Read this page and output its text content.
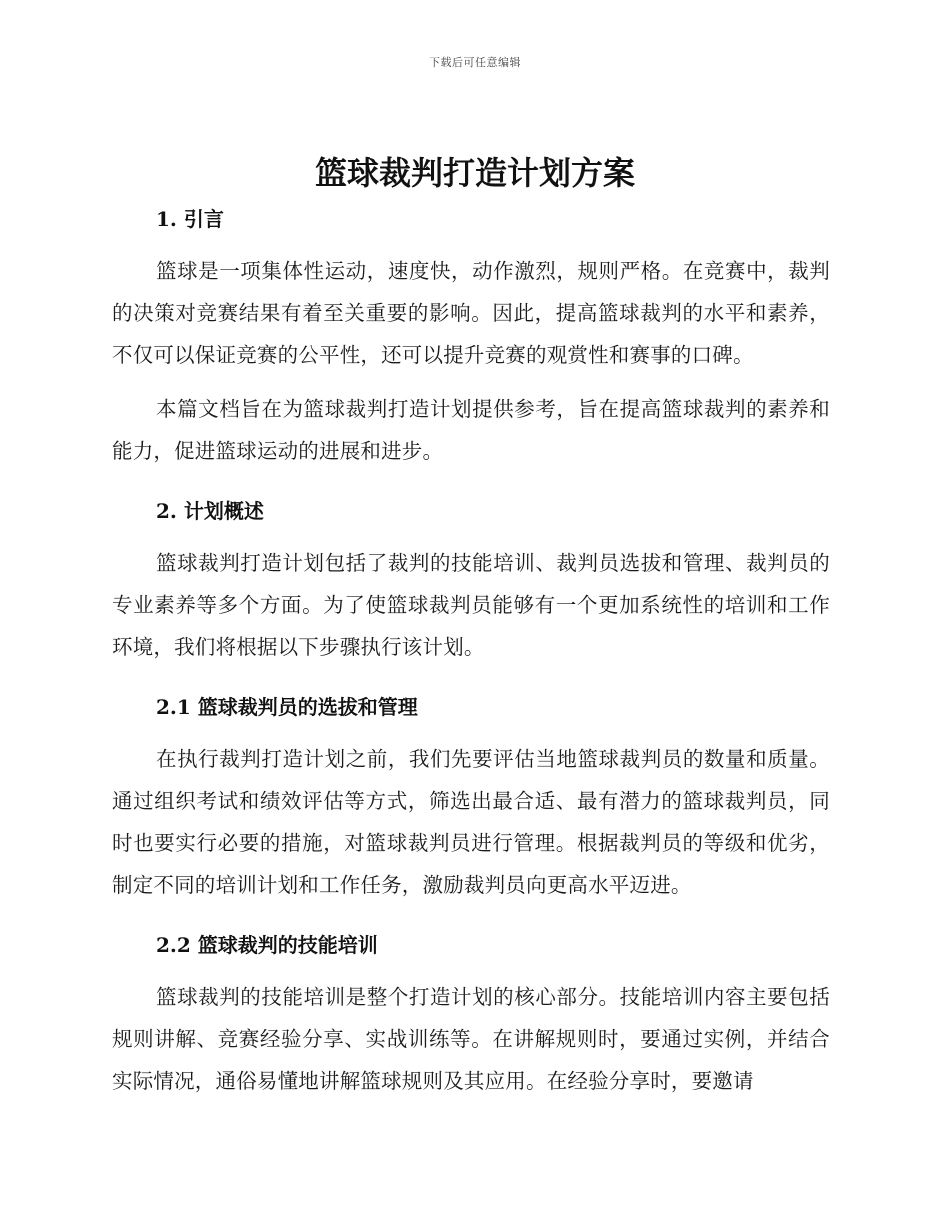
下载后可任意编辑
篮球裁判打造计划方案
1. 引言

篮球是一项集体性运动，速度快，动作激烈，规则严格。在竞赛中，裁判的决策对竞赛结果有着至关重要的影响。因此，提高篮球裁判的水平和素养，不仅可以保证竞赛的公平性，还可以提升竞赛的观赏性和赛事的口碑。

本篇文档旨在为篮球裁判打造计划提供参考，旨在提高篮球裁判的素养和能力，促进篮球运动的进展和进步。

2. 计划概述

篮球裁判打造计划包括了裁判的技能培训、裁判员选拔和管理、裁判员的专业素养等多个方面。为了使篮球裁判员能够有一个更加系统性的培训和工作环境，我们将根据以下步骤执行该计划。

2.1 篮球裁判员的选拔和管理

在执行裁判打造计划之前，我们先要评估当地篮球裁判员的数量和质量。通过组织考试和绩效评估等方式，筛选出最合适、最有潜力的篮球裁判员，同时也要实行必要的措施，对篮球裁判员进行管理。根据裁判员的等级和优劣，制定不同的培训计划和工作任务，激励裁判员向更高水平迈进。

2.2 篮球裁判的技能培训

篮球裁判的技能培训是整个打造计划的核心部分。技能培训内容主要包括规则讲解、竞赛经验分享、实战训练等。在讲解规则时，要通过实例，并结合实际情况，通俗易懂地讲解篮球规则及其应用。在经验分享时，要邀请
